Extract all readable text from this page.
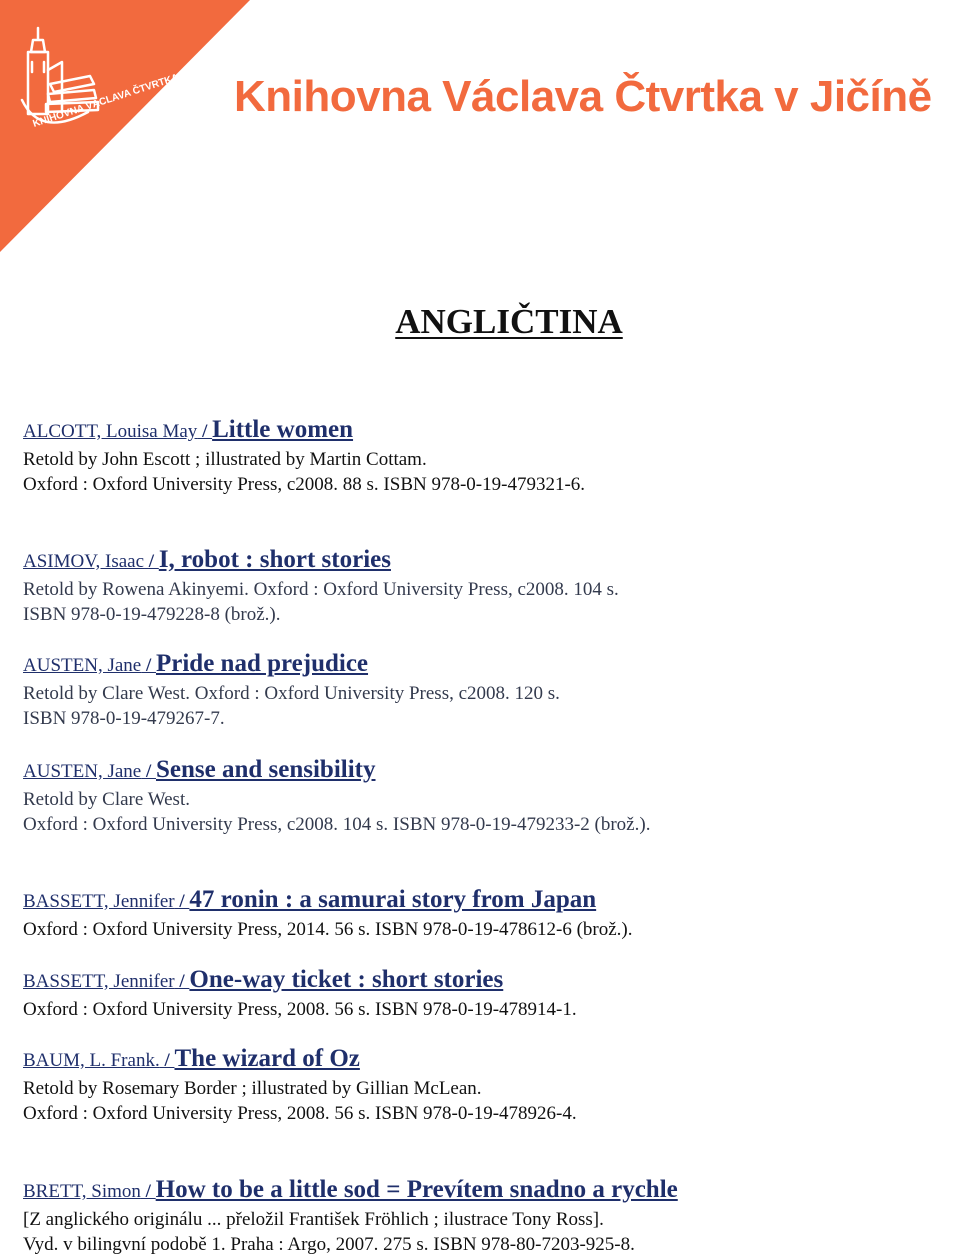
KNIHOVNA VÁCLAVA ČTVRTKA V JIČÍNĚ Knihovna Václava Čtvrtka v Jičíně
ANGLIČTINA
ALCOTT, Louisa May / Little women
Retold by John Escott ; illustrated by Martin Cottam.
Oxford : Oxford University Press, c2008. 88 s. ISBN 978-0-19-479321-6.
ASIMOV, Isaac / I, robot : short stories
Retold by Rowena Akinyemi. Oxford : Oxford University Press, c2008. 104 s.
ISBN 978-0-19-479228-8 (brož.).
AUSTEN, Jane / Pride nad prejudice
Retold by Clare West. Oxford : Oxford University Press, c2008. 120 s.
ISBN 978-0-19-479267-7.
AUSTEN, Jane / Sense and sensibility
Retold by Clare West.
Oxford : Oxford University Press, c2008. 104 s. ISBN 978-0-19-479233-2 (brož.).
BASSETT, Jennifer / 47 ronin : a samurai story from Japan
Oxford : Oxford University Press, 2014. 56 s. ISBN 978-0-19-478612-6 (brož.).
BASSETT, Jennifer / One-way ticket : short stories
Oxford : Oxford University Press, 2008. 56 s. ISBN 978-0-19-478914-1.
BAUM, L. Frank. / The wizard of Oz
Retold by Rosemary Border ; illustrated by Gillian McLean.
Oxford : Oxford University Press, 2008. 56 s. ISBN 978-0-19-478926-4.
BRETT, Simon / How to be a little sod = Prevítem snadno a rychle
[Z anglického originálu ... přeložil František Fröhlich ; ilustrace Tony Ross].
Vyd. v bilingvní podobě 1. Praha : Argo, 2007. 275 s. ISBN 978-80-7203-925-8.
